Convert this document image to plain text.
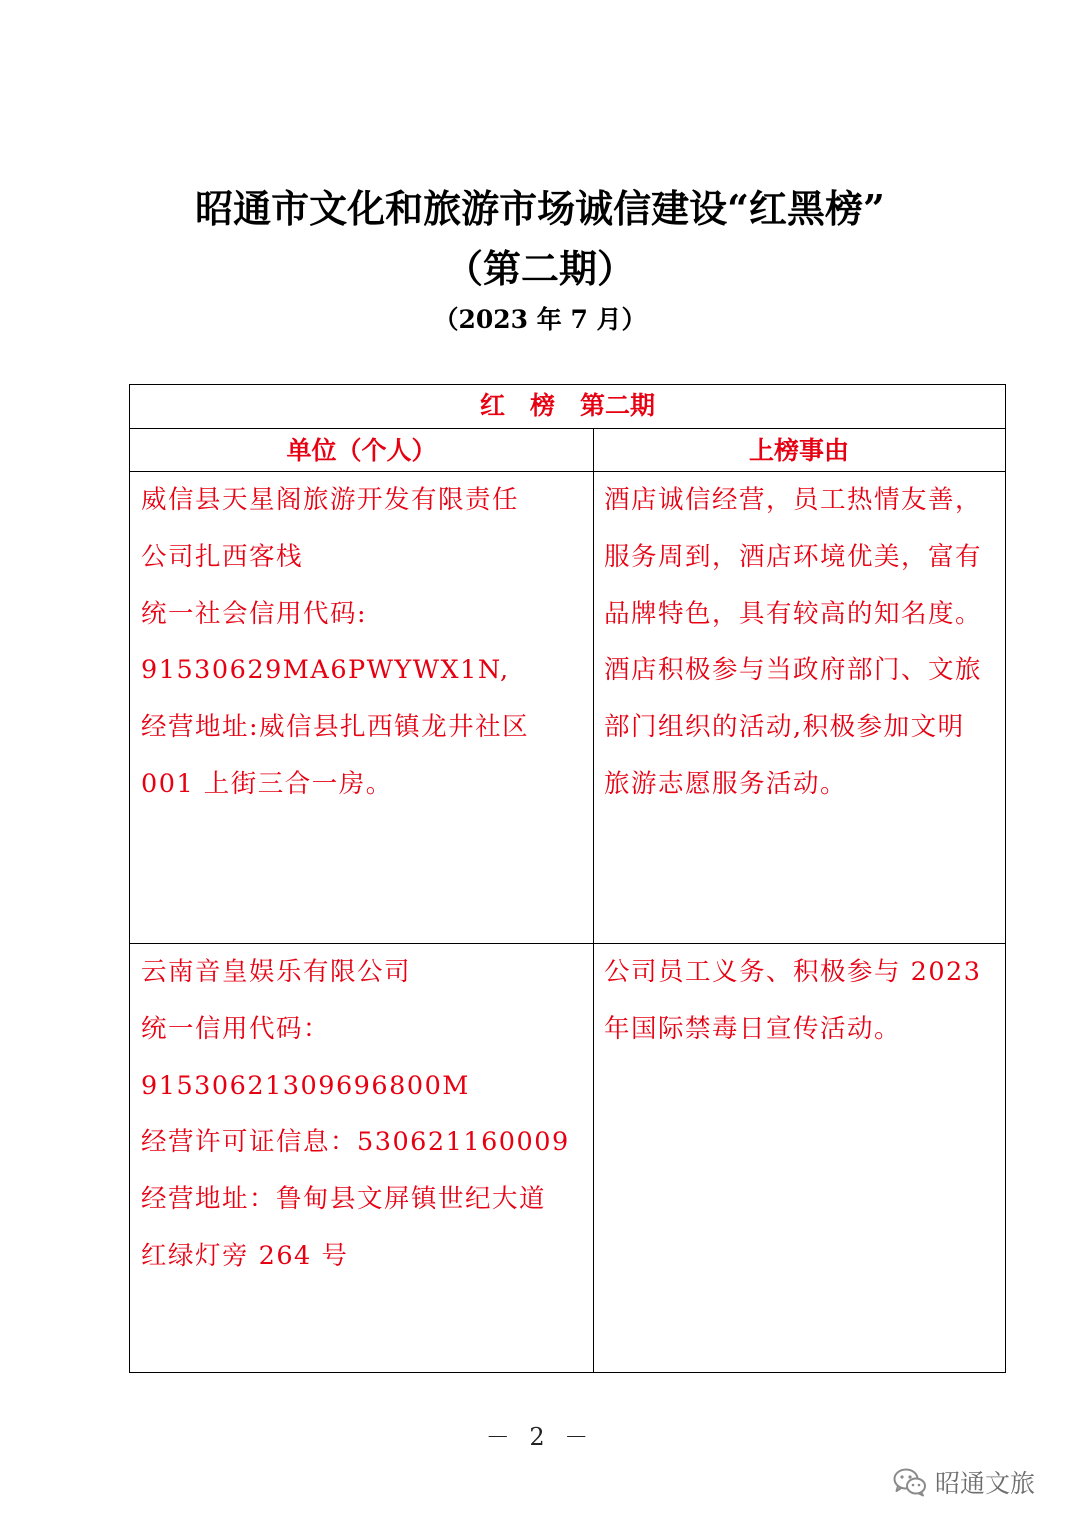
昭通市文化和旅游市场诚信建设“红黑榜”
（第二期）
（2023 年 7 月）
红　榜　第二期
单位（个人）	上榜事由
威信县天星阁旅游开发有限责任
公司扎西客栈
统一社会信用代码:
91530629MA6PWYWX1N,
经营地址:威信县扎西镇龙井社区
001 上街三合一房。
酒店诚信经营，员工热情友善，
服务周到，酒店环境优美，富有
品牌特色，具有较高的知名度。
酒店积极参与当政府部门、文旅
部门组织的活动,积极参加文明
旅游志愿服务活动。
云南音皇娱乐有限公司
统一信用代码：
91530621309696800M
经营许可证信息：530621160009
经营地址：鲁甸县文屏镇世纪大道
红绿灯旁 264 号
公司员工义务、积极参与 2023
年国际禁毒日宣传活动。
－ 2 －
昭通文旅
